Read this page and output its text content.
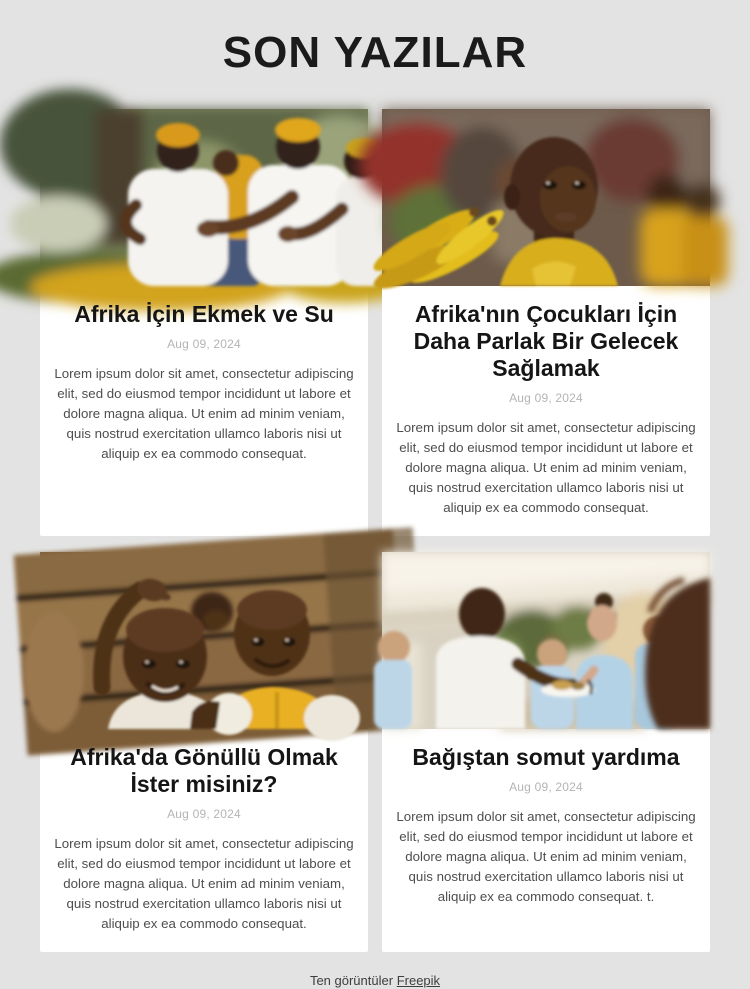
SON YAZILAR
Afrika İçin Ekmek ve Su
Aug 09, 2024

Lorem ipsum dolor sit amet, consectetur adipiscing elit, sed do eiusmod tempor incididunt ut labore et dolore magna aliqua. Ut enim ad minim veniam, quis nostrud exercitation ullamco laboris nisi ut aliquip ex ea commodo consequat.

Afrika'nın Çocukları İçin Daha Parlak Bir Gelecek Sağlamak
Aug 09, 2024

Lorem ipsum dolor sit amet, consectetur adipiscing elit, sed do eiusmod tempor incididunt ut labore et dolore magna aliqua. Ut enim ad minim veniam, quis nostrud exercitation ullamco laboris nisi ut aliquip ex ea commodo consequat.

Afrika'da Gönüllü Olmak İster misiniz?
Aug 09, 2024

Lorem ipsum dolor sit amet, consectetur adipiscing elit, sed do eiusmod tempor incididunt ut labore et dolore magna aliqua. Ut enim ad minim veniam, quis nostrud exercitation ullamco laboris nisi ut aliquip ex ea commodo consequat.

Bağıştan somut yardıma
Aug 09, 2024

Lorem ipsum dolor sit amet, consectetur adipiscing elit, sed do eiusmod tempor incididunt ut labore et dolore magna aliqua. Ut enim ad minim veniam, quis nostrud exercitation ullamco laboris nisi ut aliquip ex ea commodo consequat. t.

Ten görüntüler Freepik
